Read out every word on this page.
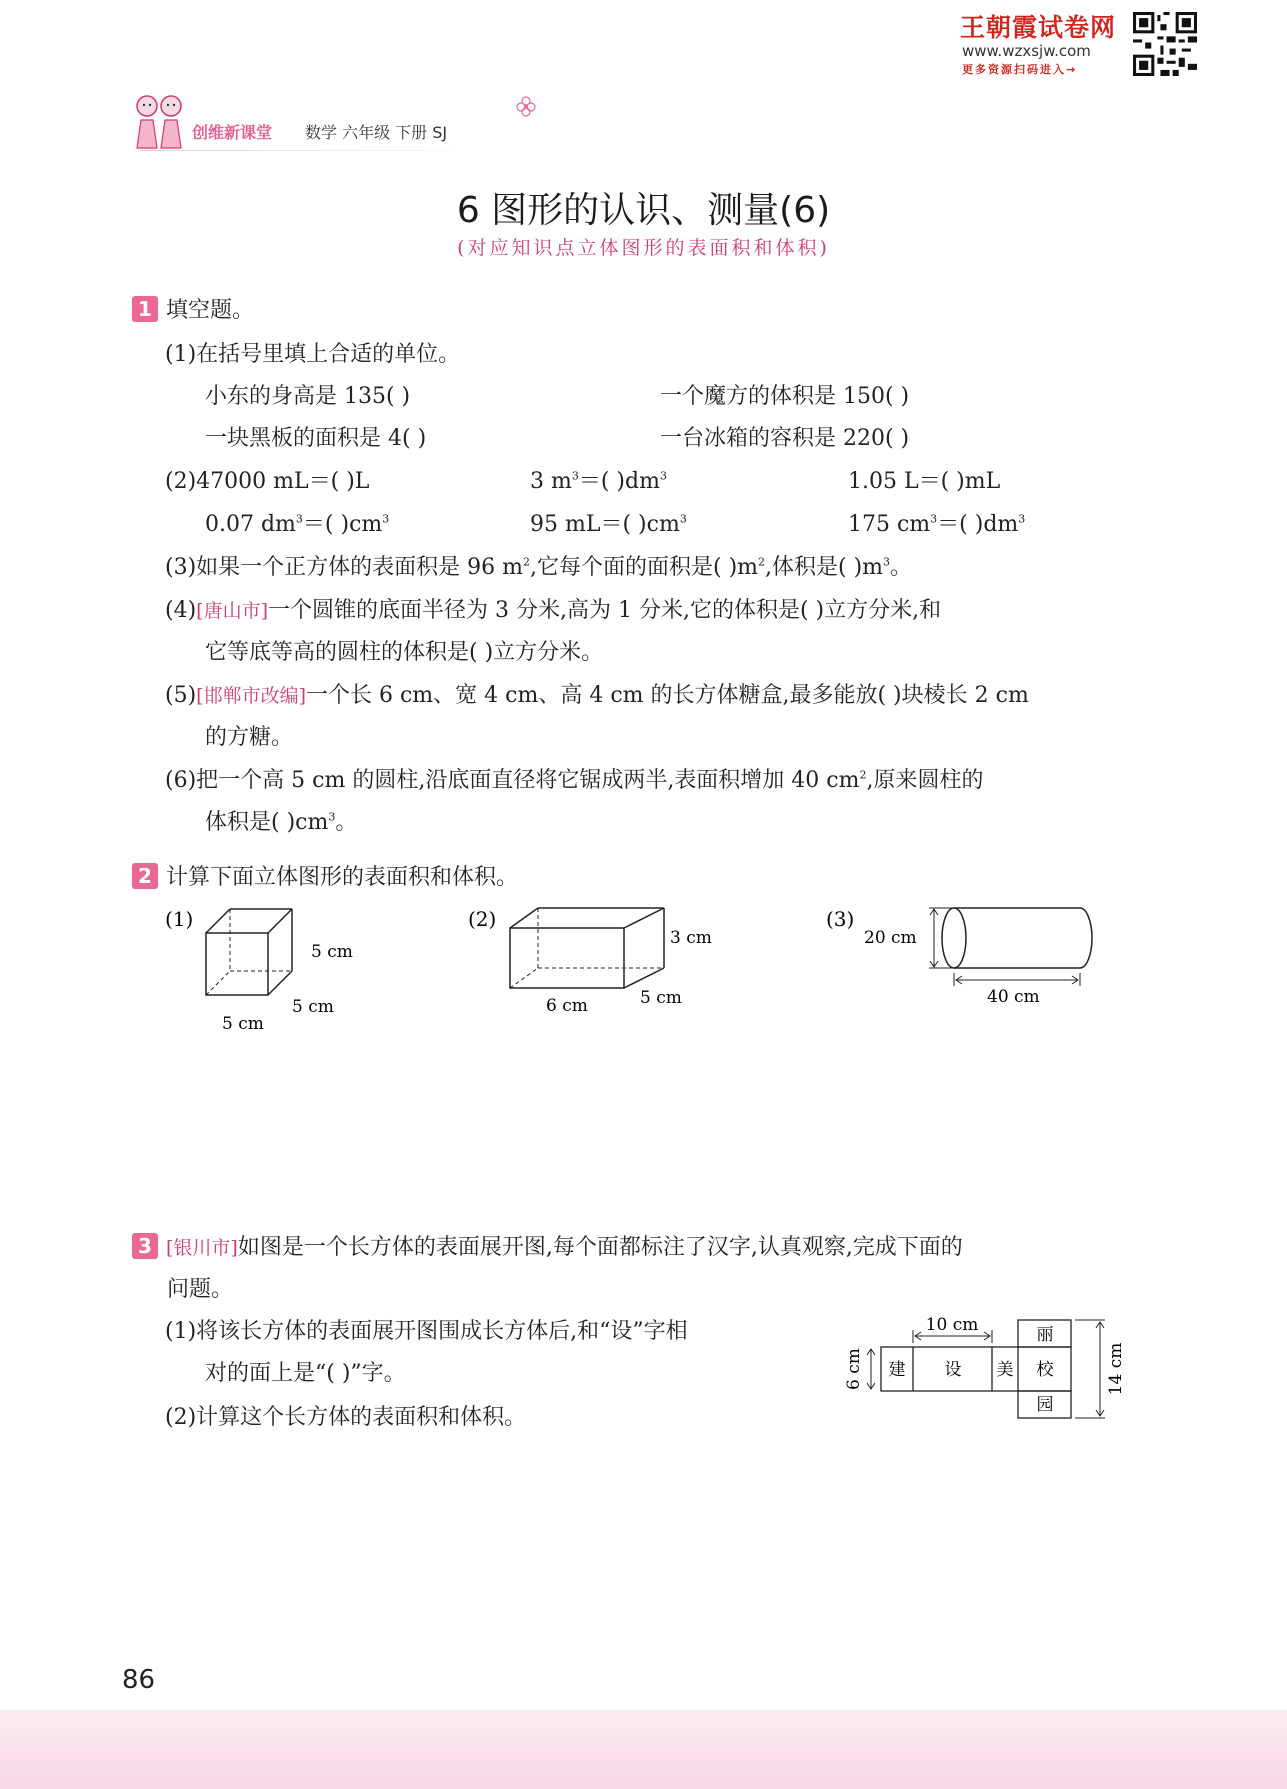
王朝霞试卷网
www.wzxsjw.com
更多资源扫码进入→
创维新课堂 数学 六年级 下册 SJ
6 图形的认识、测量(6)
(对应知识点立体图形的表面积和体积)
1 填空题。
(1)在括号里填上合适的单位。
小东的身高是 135( )	一个魔方的体积是 150( )
一块黑板的面积是 4( )	一台冰箱的容积是 220( )
(2)47000 mL＝( )L	3 $m^3=$( )$dm^3$	1.05 L＝( )mL
0.07 $dm^3=$( )$cm^3$	95 mL＝( )$cm^3$	175 $cm^3=$( )$dm^3$
(3)如果一个正方体的表面积是 96 $m^2$,它每个面的面积是( )$m^2$,体积是( )$m^3$。
(4)[唐山市]一个圆锥的底面半径为 3 分米,高为 1 分米,它的体积是( )立方分米,和
它等底等高的圆柱的体积是( )立方分米。
(5)[邯郸市改编]一个长 6 cm、宽 4 cm、高 4 cm 的长方体糖盒,最多能放( )块棱长 2 cm
的方糖。
(6)把一个高 5 cm 的圆柱,沿底面直径将它锯成两半,表面积增加 40 $cm^2$,原来圆柱的
体积是( )$cm^3$。
2 计算下面立体图形的表面积和体积。
(1)
5 cm
5 cm
5 cm
(2)
3 cm
5 cm
6 cm
(3)
20 cm
40 cm
3 [银川市]如图是一个长方体的表面展开图,每个面都标注了汉字,认真观察,完成下面的
问题。
(1)将该长方体的表面展开图围成长方体后,和“设”字相
对的面上是“( )”字。
(2)计算这个长方体的表面积和体积。
建 设 美
丽
校
园
10 cm
6 cm	14 cm
86
